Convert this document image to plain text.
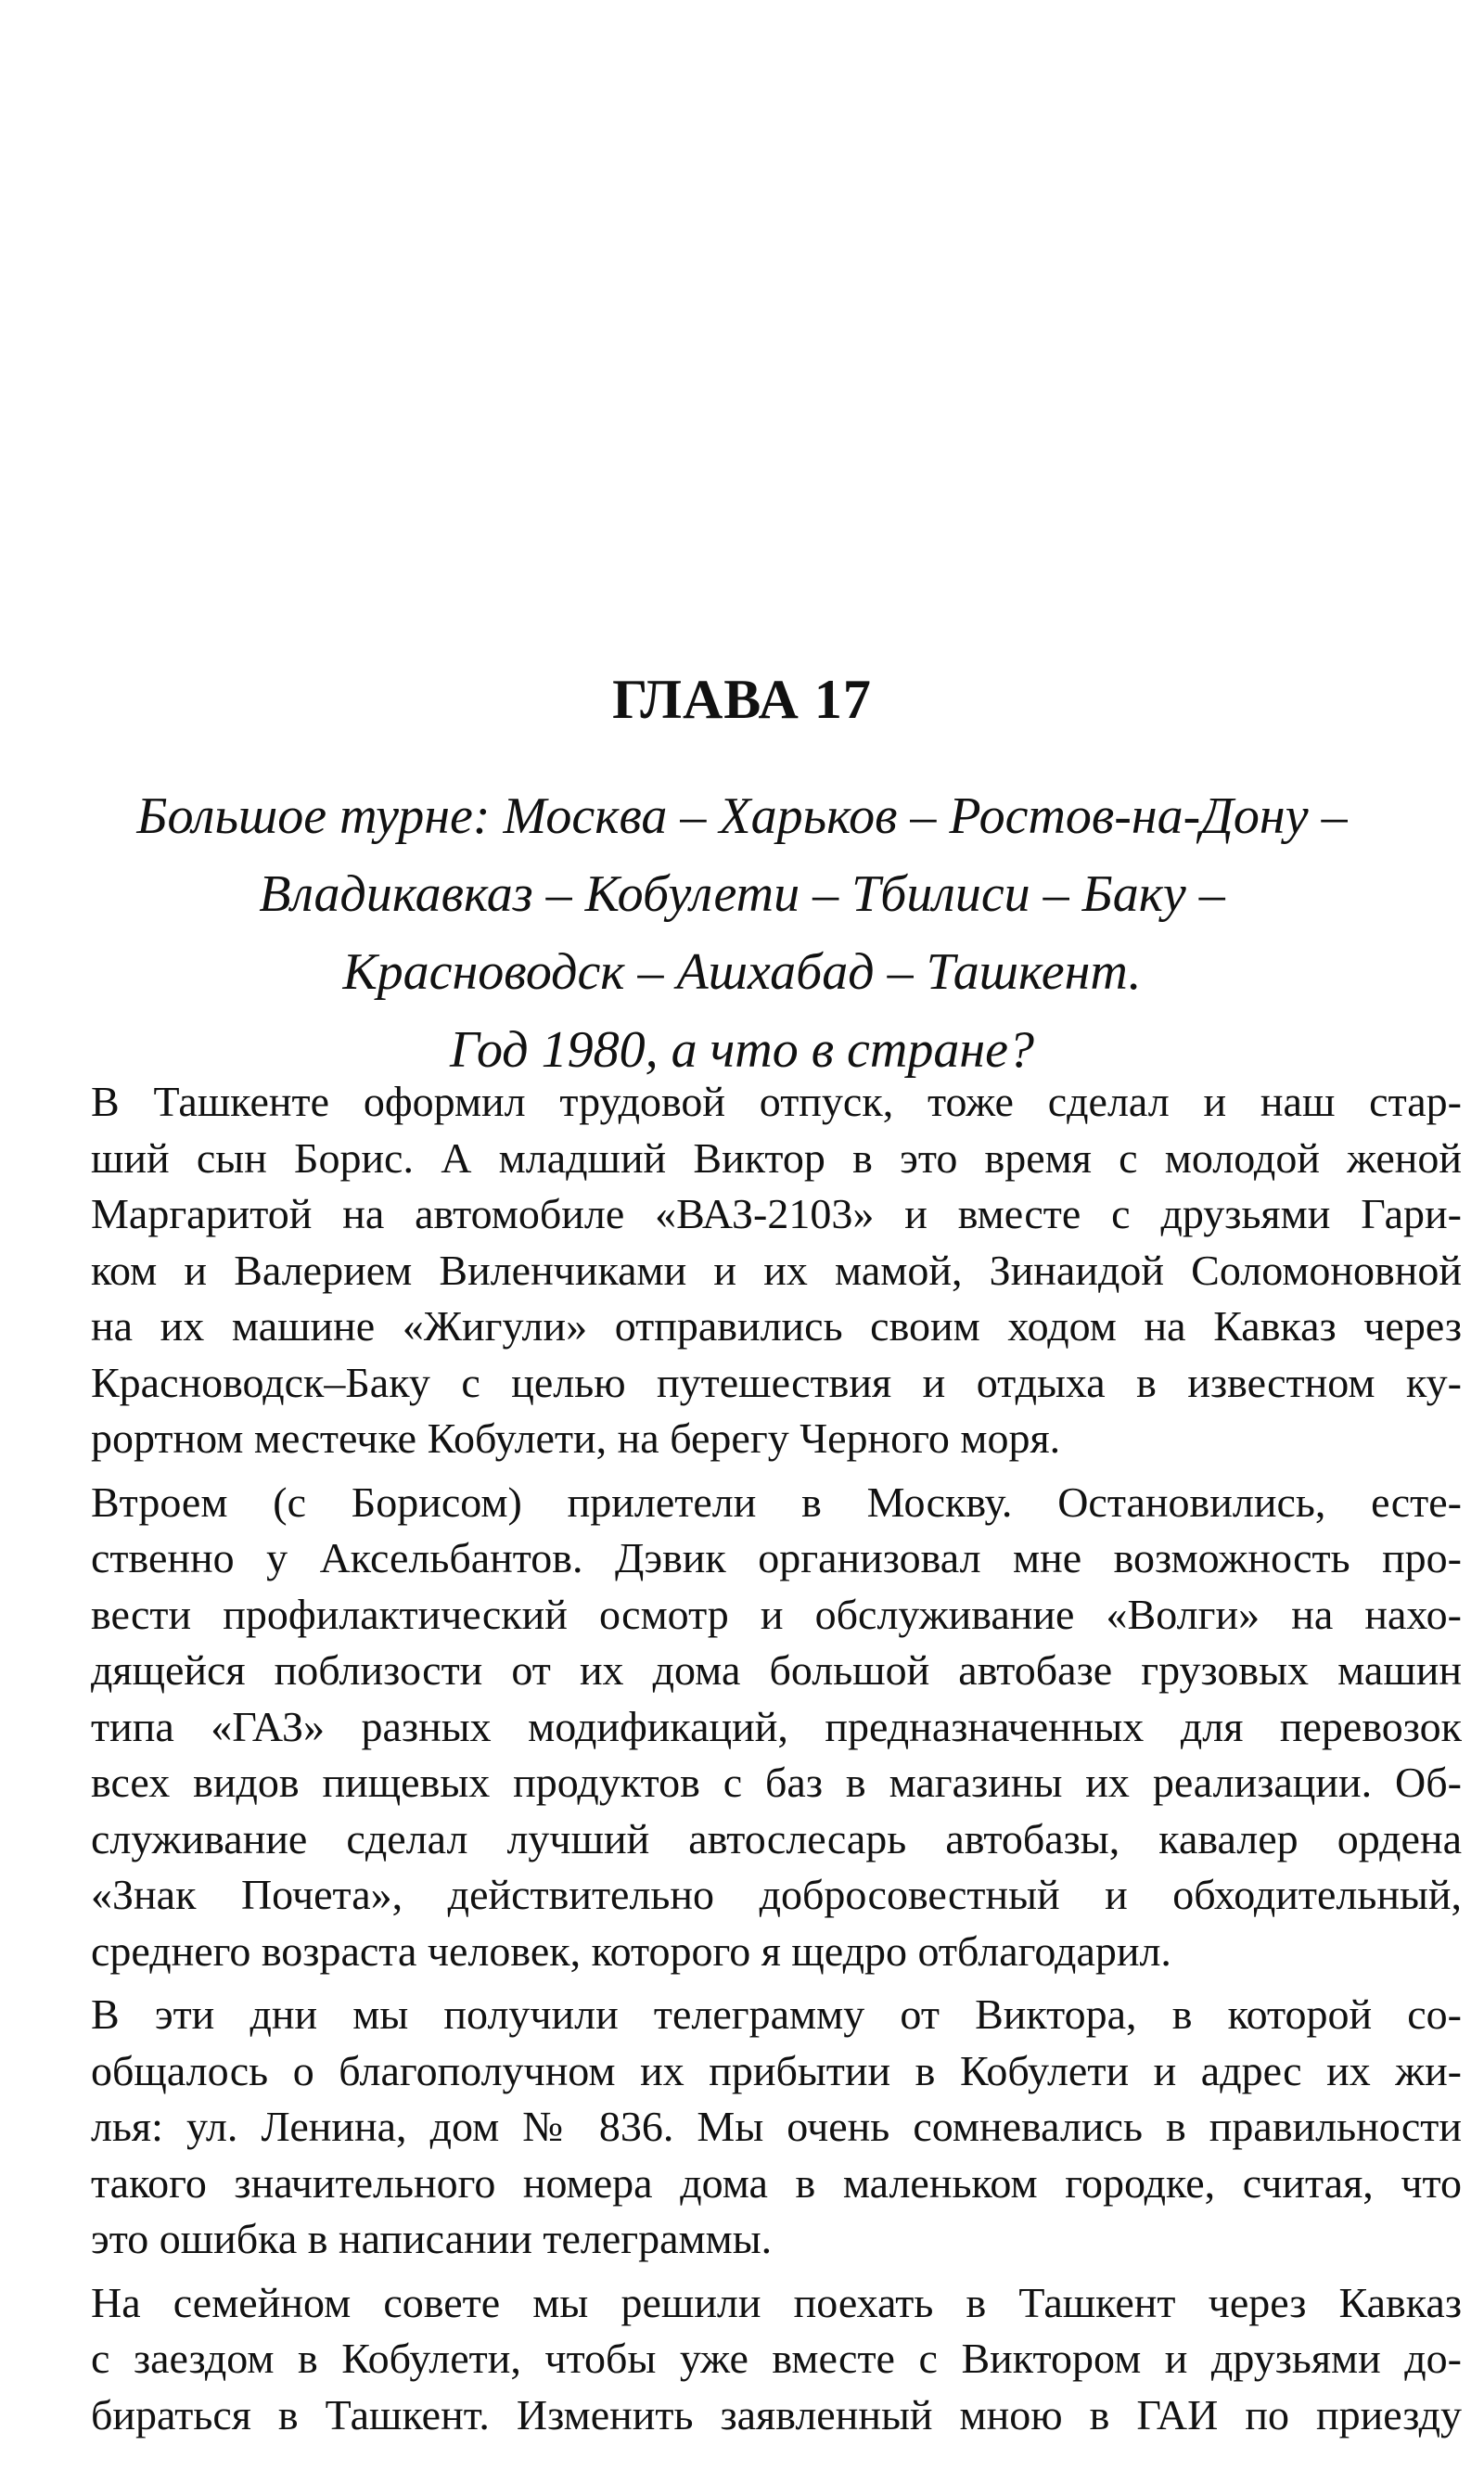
ГЛАВА 17
Большое турне: Москва – Харьков – Ростов-на-Дону –
Владикавказ – Кобулети – Тбилиси – Баку –
Красноводск – Ашхабад – Ташкент.
Год 1980, а что в стране?
В Ташкенте оформил трудовой отпуск, тоже сделал и наш стар-
ший сын Борис. А младший Виктор в это время с молодой женой
Маргаритой на автомобиле «ВАЗ-2103» и вместе с друзьями Гари-
ком и Валерием Виленчиками и их мамой, Зинаидой Соломоновной
на их машине «Жигули» отправились своим ходом на Кавказ через
Красноводск–Баку с целью путешествия и отдыха в известном ку-
рортном местечке Кобулети, на берегу Черного моря.
Втроем (с Борисом) прилетели в Москву. Остановились, есте-
ственно у Аксельбантов. Дэвик организовал мне возможность про-
вести профилактический осмотр и обслуживание «Волги» на нахо-
дящейся поблизости от их дома большой автобазе грузовых машин
типа «ГАЗ» разных модификаций, предназначенных для перевозок
всех видов пищевых продуктов с баз в магазины их реализации. Об-
служивание сделал лучший автослесарь автобазы, кавалер ордена
«Знак Почета», действительно добросовестный и обходительный,
среднего возраста человек, которого я щедро отблагодарил.
В эти дни мы получили телеграмму от Виктора, в которой со-
общалось о благополучном их прибытии в Кобулети и адрес их жи-
лья: ул. Ленина, дом № 836. Мы очень сомневались в правильности
такого значительного номера дома в маленьком городке, считая, что
это ошибка в написании телеграммы.
На семейном совете мы решили поехать в Ташкент через Кавказ
с заездом в Кобулети, чтобы уже вместе с Виктором и друзьями до-
бираться в Ташкент. Изменить заявленный мною в ГАИ по приезду
